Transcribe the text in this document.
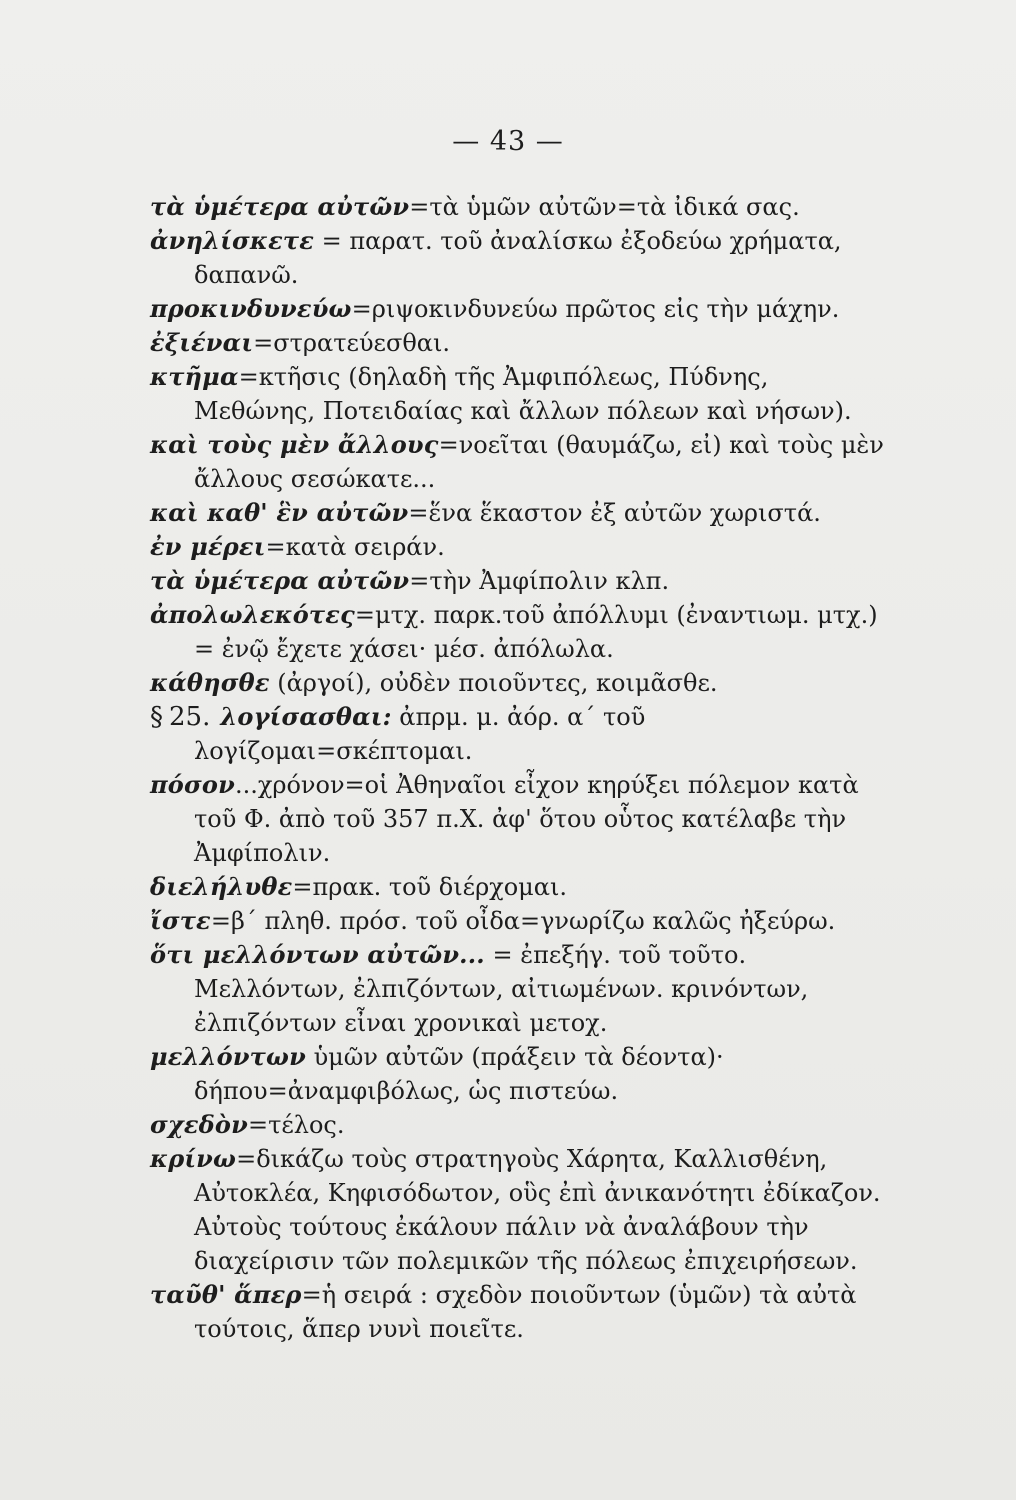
— 43 —

τὰ ὑμέτερα αὐτῶν=τὰ ὑμῶν αὐτῶν=τὰ ἰδικά σας.

ἀνηλίσκετε = παρατ. τοῦ ἀναλίσκω ἐξοδεύω χρήματα, δαπανῶ.

προκινδυνεύω=ριψοκινδυνεύω πρῶτος εἰς τὴν μάχην.

ἐξιέναι=στρατεύεσθαι.

κτῆμα=κτῆσις (δηλαδὴ τῆς Ἀμφιπόλεως, Πύδνης, Μεθώνης, Ποτειδαίας καὶ ἄλλων πόλεων καὶ νήσων).

καὶ τοὺς μὲν ἄλλους=νοεῖται (θαυμάζω, εἰ) καὶ τοὺς μὲν ἄλλους σεσώκατε...

καὶ καθ' ἓν αὐτῶν=ἕνα ἕκαστον ἐξ αὐτῶν χωριστά.

ἐν μέρει=κατὰ σειράν.

τὰ ὑμέτερα αὐτῶν=τὴν Ἀμφίπολιν κλπ.

ἀπολωλεκότες=μτχ. παρκ.τοῦ ἀπόλλυμι (ἐναντιωμ. μτχ.) = ἐνῷ ἔχετε χάσει· μέσ. ἀπόλωλα.

κάθησθε (ἀργοί), οὐδὲν ποιοῦντες, κοιμᾶσθε.

§ 25. λογίσασθαι: ἀπρμ. μ. ἀόρ. α΄ τοῦ λογίζομαι=σκέπτομαι.

πόσον...χρόνον=οἱ Ἀθηναῖοι εἶχον κηρύξει πόλεμον κατὰ τοῦ Φ. ἀπὸ τοῦ 357 π.Χ. ἀφ' ὅτου οὗτος κατέλαβε τὴν Ἀμφίπολιν.

διελήλυθε=πρακ. τοῦ διέρχομαι.

ἴστε=β΄ πληθ. πρόσ. τοῦ οἶδα=γνωρίζω καλῶς ἠξεύρω.

ὅτι μελλόντων αὐτῶν... = ἐπεξήγ. τοῦ τοῦτο. Μελλόντων, ἐλπιζόντων, αἰτιωμένων. κρινόντων, ἐλπιζόντων εἶναι χρονικαὶ μετοχ.

μελλόντων ὑμῶν αὐτῶν (πράξειν τὰ δέοντα)· δήπου=ἀναμφιβόλως, ὡς πιστεύω.

σχεδὸν=τέλος.

κρίνω=δικάζω τοὺς στρατηγοὺς Χάρητα, Καλλισθένη, Αὐτοκλέα, Κηφισόδωτον, οὓς ἐπὶ ἀνικανότητι ἐδίκαζον. Αὐτοὺς τούτους ἐκάλουν πάλιν νὰ ἀναλάβουν τὴν διαχείρισιν τῶν πολεμικῶν τῆς πόλεως ἐπιχειρήσεων.

ταῦθ' ἅπερ=ἡ σειρά : σχεδὸν ποιοῦντων (ὑμῶν) τὰ αὐτὰ τούτοις, ἅπερ νυνὶ ποιεῖτε.
